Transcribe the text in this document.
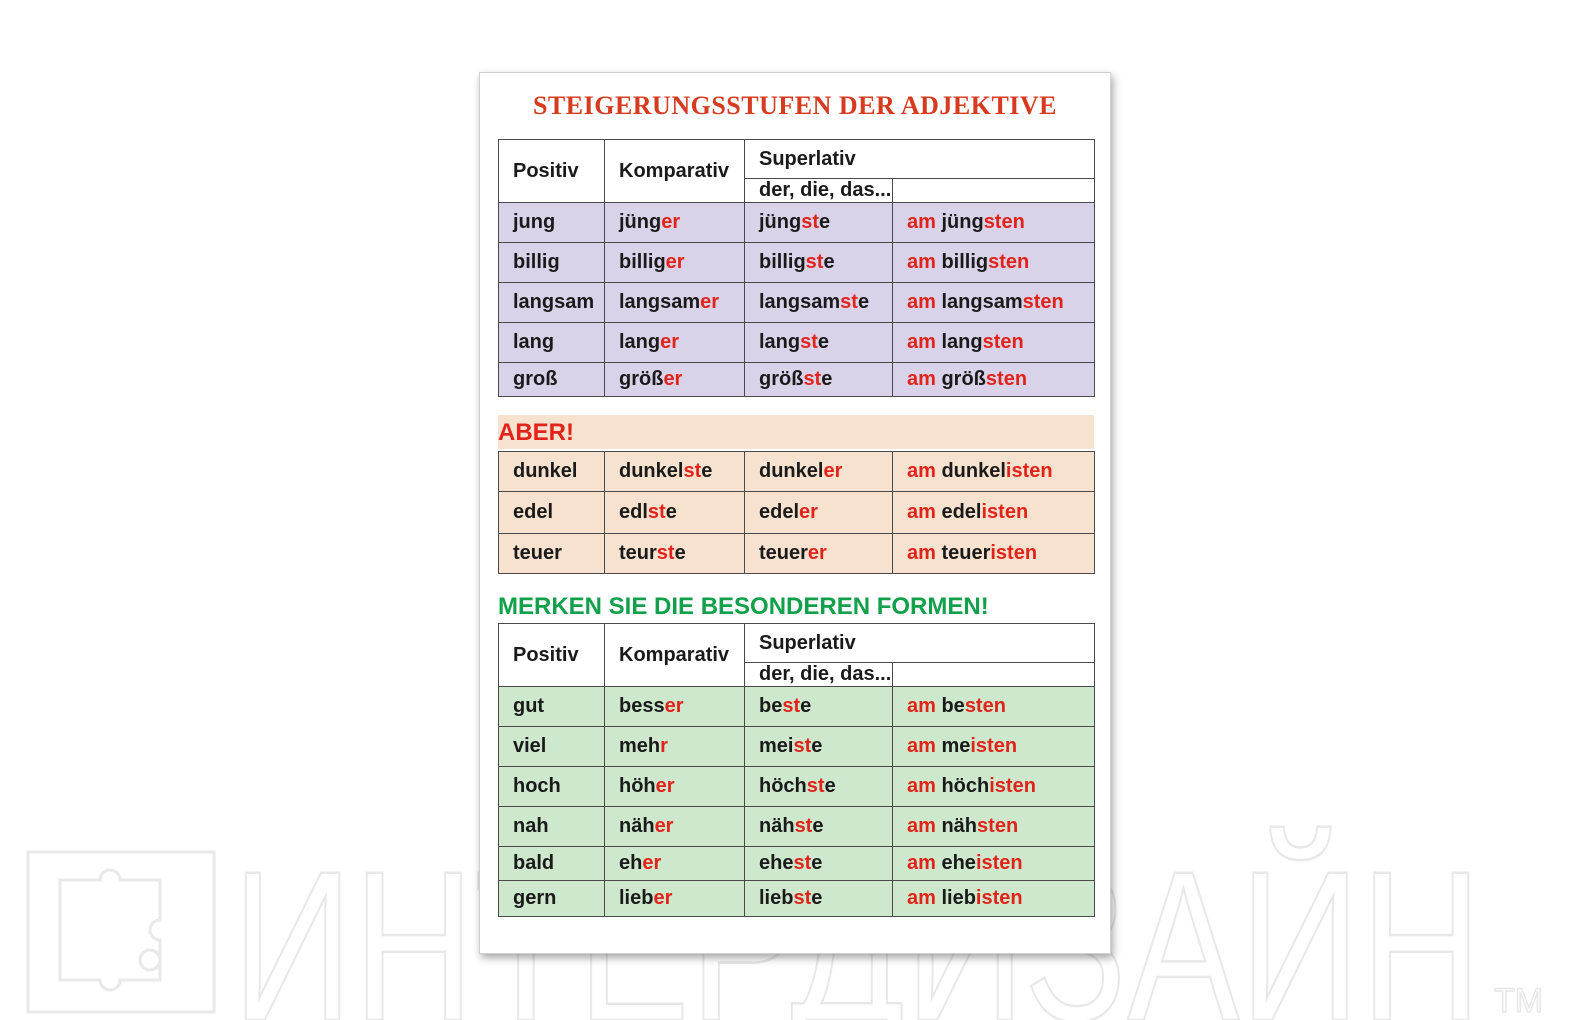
TM
STEIGERUNGSSTUFEN DER ADJEKTIVE
Positiv	Komparativ	Superlativ	
		der, die, das...	
jung	jünger	jüngste	am jüngsten
billig	billiger	billigste	am billigsten
langsam	langsamer	langsamste	am langsamsten
lang	langer	langste	am langsten
groß	größer	größste	am größsten
ABER!
dunkel	dunkelste	dunkeler	am dunkelisten
edel	edlste	edeler	am edelisten
teuer	teurste	teuerer	am teueristen
MERKEN SIE DIE BESONDEREN FORMEN!
Positiv	Komparativ	Superlativ	
		der, die, das...	
gut	besser	beste	am besten
viel	mehr	meiste	am meisten
hoch	höher	höchste	am höchisten
nah	näher	nähste	am nähsten
bald	eher	eheste	am eheisten
gern	lieber	liebste	am liebisten
